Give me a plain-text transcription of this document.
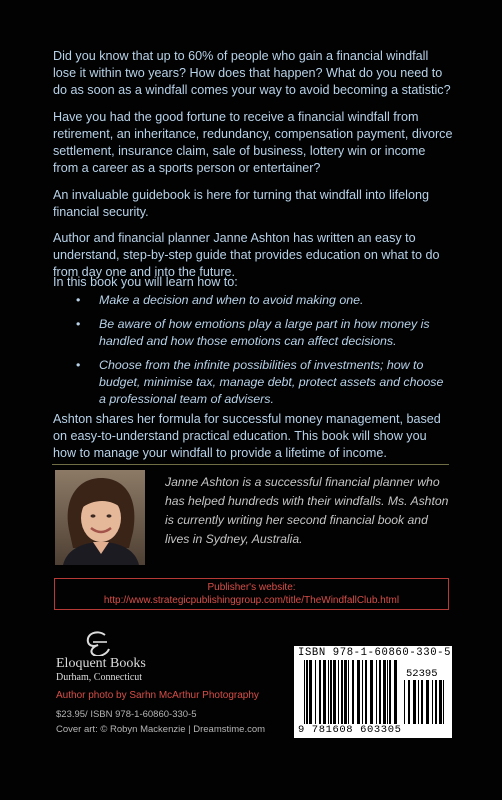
Did you know that up to 60% of people who gain a financial windfall lose it within two years? How does that happen? What do you need to do as soon as a windfall comes your way to avoid becoming a statistic?

Have you had the good fortune to receive a financial windfall from retirement, an inheritance, redundancy, compensation payment, divorce settlement, insurance claim, sale of business, lottery win or income from a career as a sports person or entertainer?

An invaluable guidebook is here for turning that windfall into lifelong financial security.

Author and financial planner Janne Ashton has written an easy to understand, step-by-step guide that provides education on what to do from day one and into the future.

In this book you will learn how to:

• Make a decision and when to avoid making one.
• Be aware of how emotions play a large part in how money is handled and how those emotions can affect decisions.
• Choose from the infinite possibilities of investments; how to budget, minimise tax, manage debt, protect assets and choose a professional team of advisers.

Ashton shares her formula for successful money management, based on easy-to-understand practical education. This book will show you how to manage your windfall to provide a lifetime of income.

Janne Ashton is a successful financial planner who has helped hundreds with their windfalls. Ms. Ashton is currently writing her second financial book and lives in Sydney, Australia.

Publisher's website:
http://www.strategicpublishinggroup.com/title/TheWindfallClub.html
Eloquent Books
Durham, Connecticut
Author photo by Sarhn McArthur Photography
$23.95/ ISBN 978-1-60860-330-5
Cover art: © Robyn Mackenzie | Dreamstime.com
ISBN 978-1-60860-330-5
52395
9 781608 603305
